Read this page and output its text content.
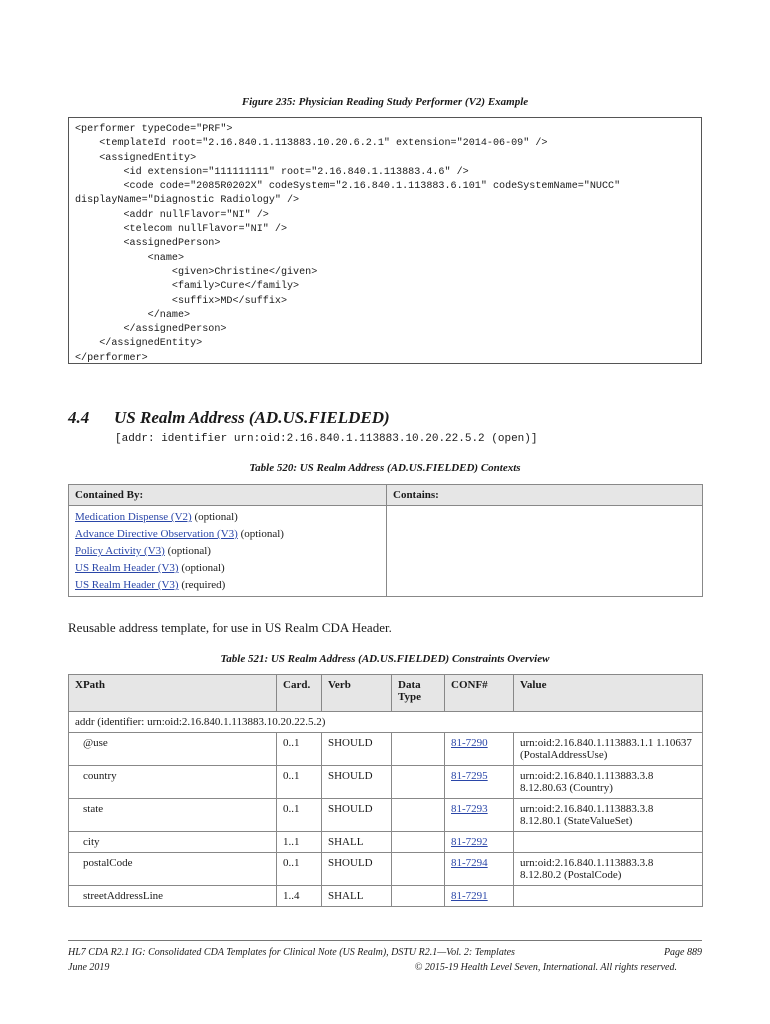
Figure 235: Physician Reading Study Performer (V2) Example
<performer typeCode="PRF">
<templateId root="2.16.840.1.113883.10.20.6.2.1" extension="2014-06-09" />
<assignedEntity>
<id extension="111111111" root="2.16.840.1.113883.4.6" />
<code code="2085R0202X" codeSystem="2.16.840.1.113883.6.101" codeSystemName="NUCC"
displayName="Diagnostic Radiology" />
<addr nullFlavor="NI" />
<telecom nullFlavor="NI" />
<assignedPerson>
<name>
<given>Christine</given>
<family>Cure</family>
<suffix>MD</suffix>
</name>
</assignedPerson>
</assignedEntity>
</performer>
4.4 US Realm Address (AD.US.FIELDED)
[addr: identifier urn:oid:2.16.840.1.113883.10.20.22.5.2 (open)]
Table 520: US Realm Address (AD.US.FIELDED) Contexts
Contained By:	Contains:

Medication Dispense (V2) (optional)
Advance Directive Observation (V3) (optional)
Policy Activity (V3) (optional)
US Realm Header (V3) (optional)
US Realm Header (V3) (required)	

Reusable address template, for use in US Realm CDA Header.
Table 521: US Realm Address (AD.US.FIELDED) Constraints Overview
XPath	Card.	Verb	Data Type	CONF#	Value
addr (identifier: urn:oid:2.16.840.1.113883.10.20.22.5.2)					
@use	0..1	SHOULD		81-7290	urn:oid:2.16.840.1.113883.1.1 1.10637 (PostalAddressUse)
country	0..1	SHOULD		81-7295	urn:oid:2.16.840.1.113883.3.8 8.12.80.63 (Country)
state	0..1	SHOULD		81-7293	urn:oid:2.16.840.1.113883.3.8 8.12.80.1 (StateValueSet)
city	1..1	SHALL		81-7292	
postalCode	0..1	SHOULD		81-7294	urn:oid:2.16.840.1.113883.3.8 8.12.80.2 (PostalCode)
streetAddressLine	1..4	SHALL		81-7291	
HL7 CDA R2.1 IG: Consolidated CDA Templates for Clinical Note (US Realm), DSTU R2.1—Vol. 2: Templates	Page 889
June 2019	© 2015-19 Health Level Seven, International. All rights reserved.
